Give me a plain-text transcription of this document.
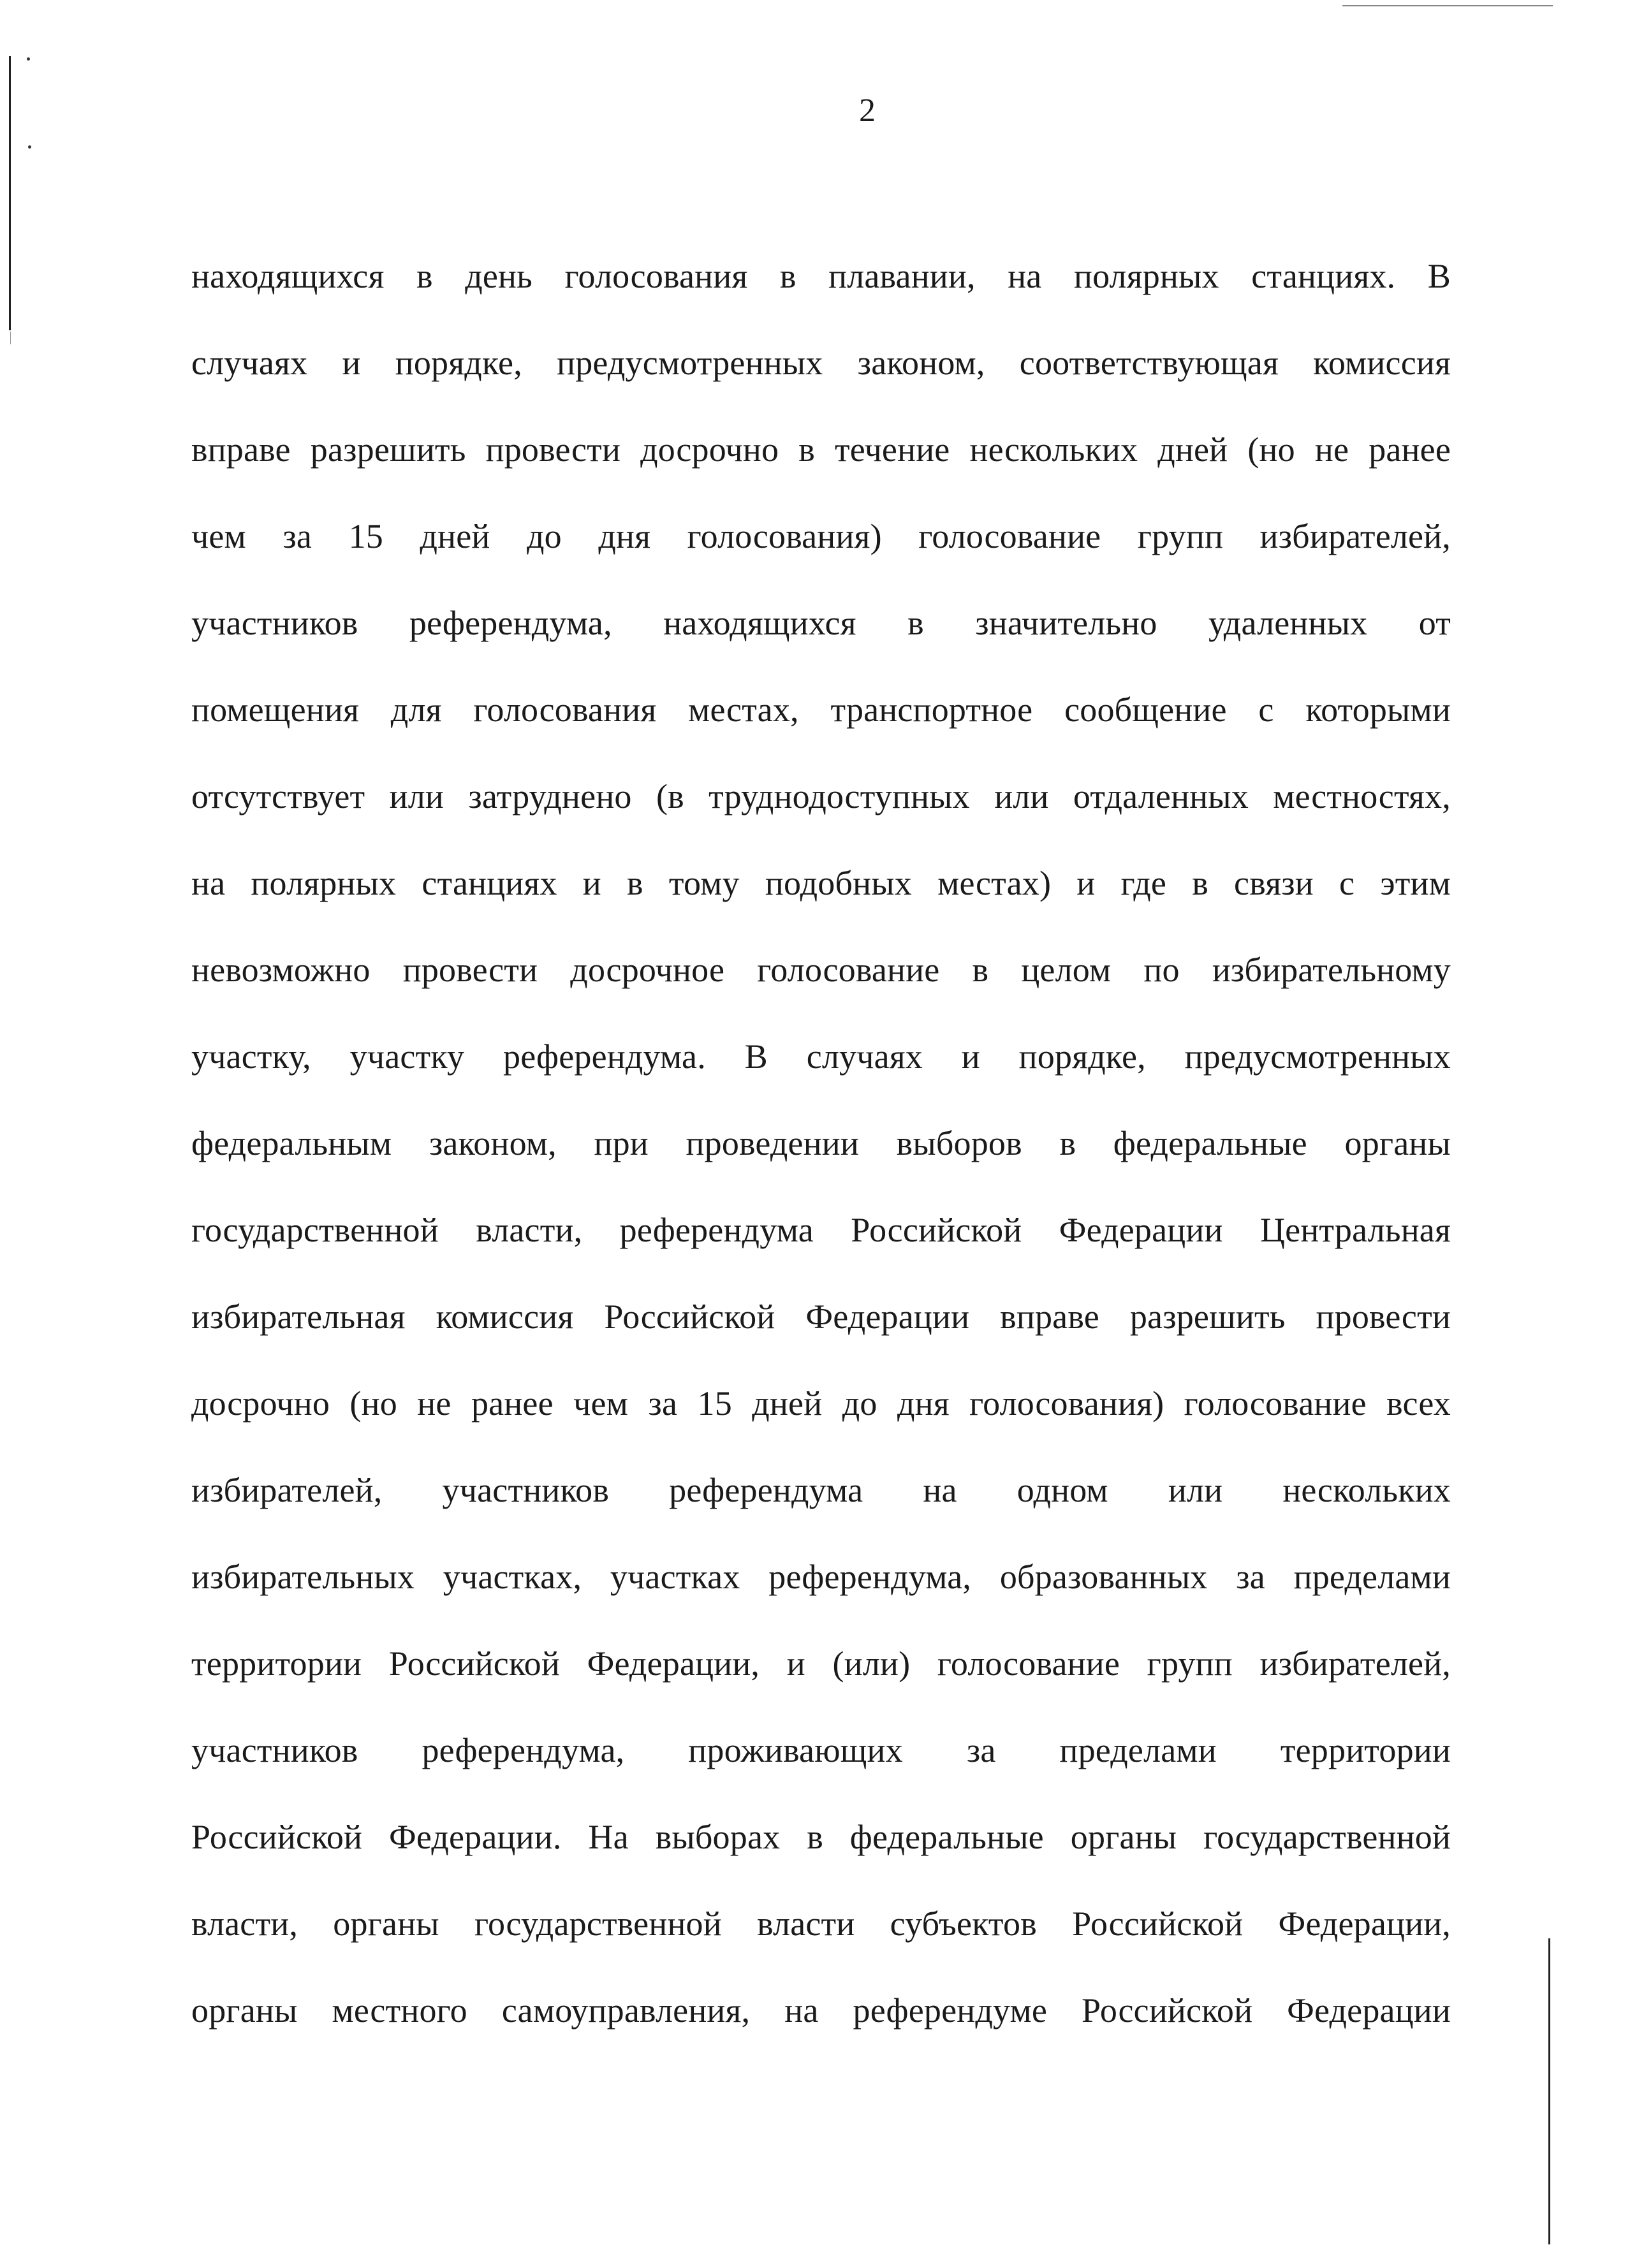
2
находящихся в день голосования в плавании, на полярных станциях. В
случаях и порядке, предусмотренных законом, соответствующая комиссия
вправе разрешить провести досрочно в течение нескольких дней (но не ранее
чем за 15 дней до дня голосования) голосование групп избирателей,
участников референдума, находящихся в значительно удаленных от
помещения для голосования местах, транспортное сообщение с которыми
отсутствует или затруднено (в труднодоступных или отдаленных местностях,
на полярных станциях и в тому подобных местах) и где в связи с этим
невозможно провести досрочное голосование в целом по избирательному
участку, участку референдума. В случаях и порядке, предусмотренных
федеральным законом, при проведении выборов в федеральные органы
государственной власти, референдума Российской Федерации Центральная
избирательная комиссия Российской Федерации вправе разрешить провести
досрочно (но не ранее чем за 15 дней до дня голосования) голосование всех
избирателей, участников референдума на одном или нескольких
избирательных участках, участках референдума, образованных за пределами
территории Российской Федерации, и (или) голосование групп избирателей,
участников референдума, проживающих за пределами территории
Российской Федерации. На выборах в федеральные органы государственной
власти, органы государственной власти субъектов Российской Федерации,
органы местного самоуправления, на референдуме Российской Федерации
